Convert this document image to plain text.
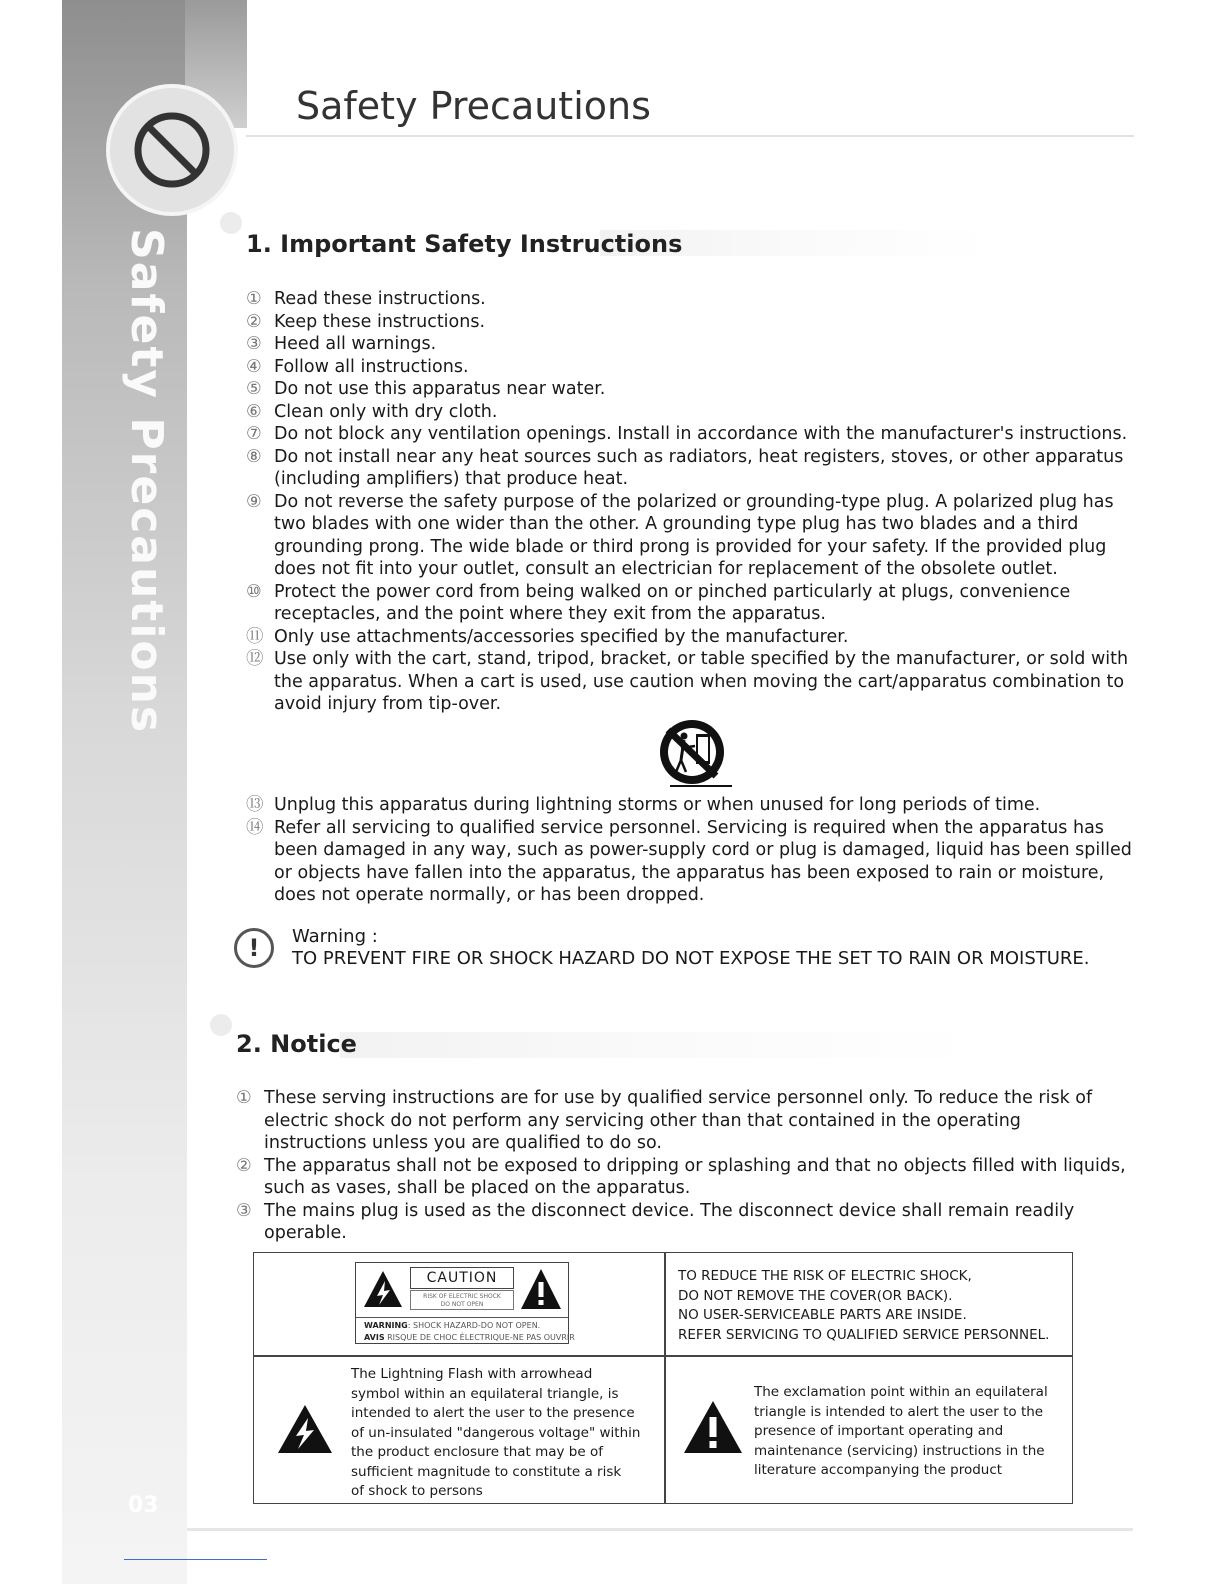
Safety Precautions
03
Safety Precautions
1. Important Safety Instructions
① Read these instructions.
② Keep these instructions.
③ Heed all warnings.
④ Follow all instructions.
⑤ Do not use this apparatus near water.
⑥ Clean only with dry cloth.
⑦ Do not block any ventilation openings. Install in accordance with the manufacturer's instructions.
⑧ Do not install near any heat sources such as radiators, heat registers, stoves, or other apparatus
(including amplifiers) that produce heat.
⑨ Do not reverse the safety purpose of the polarized or grounding-type plug. A polarized plug has
two blades with one wider than the other. A grounding type plug has two blades and a third
grounding prong. The wide blade or third prong is provided for your safety. If the provided plug
does not fit into your outlet, consult an electrician for replacement of the obsolete outlet.
⑩ Protect the power cord from being walked on or pinched particularly at plugs, convenience
receptacles, and the point where they exit from the apparatus.
⑪ Only use attachments/accessories specified by the manufacturer.
⑫ Use only with the cart, stand, tripod, bracket, or table specified by the manufacturer, or sold with
the apparatus. When a cart is used, use caution when moving the cart/apparatus combination to
avoid injury from tip-over.
⑬ Unplug this apparatus during lightning storms or when unused for long periods of time.
⑭ Refer all servicing to qualified service personnel. Servicing is required when the apparatus has
been damaged in any way, such as power-supply cord or plug is damaged, liquid has been spilled
or objects have fallen into the apparatus, the apparatus has been exposed to rain or moisture,
does not operate normally, or has been dropped.
!	Warning :
TO PREVENT FIRE OR SHOCK HAZARD DO NOT EXPOSE THE SET TO RAIN OR MOISTURE.
2. Notice
① These serving instructions are for use by qualified service personnel only. To reduce the risk of
electric shock do not perform any servicing other than that contained in the operating
instructions unless you are qualified to do so.
② The apparatus shall not be exposed to dripping or splashing and that no objects filled with liquids,
such as vases, shall be placed on the apparatus.
③ The mains plug is used as the disconnect device. The disconnect device shall remain readily
operable.
CAUTION
RISK OF ELECTRIC SHOCK
DO NOT OPEN
WARNING: SHOCK HAZARD-DO NOT OPEN.
AVIS RISQUE DE CHOC ÉLECTRIQUE-NE PAS OUVRIR
TO REDUCE THE RISK OF ELECTRIC SHOCK,
DO NOT REMOVE THE COVER(OR BACK).
NO USER-SERVICEABLE PARTS ARE INSIDE.
REFER SERVICING TO QUALIFIED SERVICE PERSONNEL.
The Lightning Flash with arrowhead
symbol within an equilateral triangle, is
intended to alert the user to the presence
of un-insulated "dangerous voltage" within
the product enclosure that may be of
sufficient magnitude to constitute a risk
of shock to persons
The exclamation point within an equilateral
triangle is intended to alert the user to the
presence of important operating and
maintenance (servicing) instructions in the
literature accompanying the product
